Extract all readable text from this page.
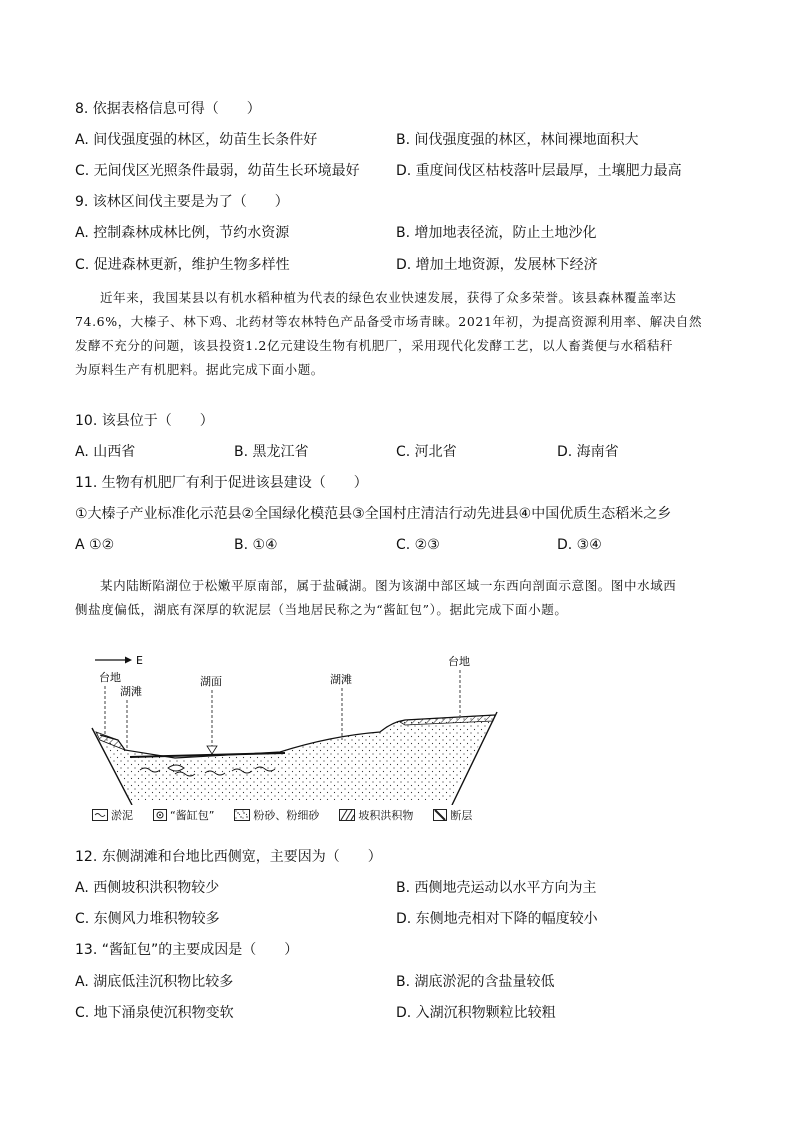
8. 依据表格信息可得（　　）
A. 间伐强度强的林区，幼苗生长条件好	B. 间伐强度强的林区，林间裸地面积大
C. 无间伐区光照条件最弱，幼苗生长环境最好	D. 重度间伐区枯枝落叶层最厚，土壤肥力最高
9. 该林区间伐主要是为了（　　）
A. 控制森林成林比例，节约水资源	B. 增加地表径流，防止土地沙化
C. 促进森林更新，维护生物多样性	D. 增加土地资源，发展林下经济

近年来，我国某县以有机水稻种植为代表的绿色农业快速发展，获得了众多荣誉。该县森林覆盖率达

74.6%，大榛子、林下鸡、北药材等农林特色产品备受市场青睐。2021年初，为提高资源利用率、解决自然

发酵不充分的问题，该县投资1.2亿元建设生物有机肥厂，采用现代化发酵工艺，以人畜粪便与水稻秸秆

为原料生产有机肥料。据此完成下面小题。

10. 该县位于（　　）
A. 山西省	B. 黑龙江省	C. 河北省	D. 海南省
11. 生物有机肥厂有利于促进该县建设（　　）
①大榛子产业标准化示范县②全国绿化模范县③全国村庄清洁行动先进县④中国优质生态稻米之乡
A ①②	B. ①④	C. ②③	D. ③④

某内陆断陷湖位于松嫩平原南部，属于盐碱湖。图为该湖中部区域一东西向剖面示意图。图中水域西

侧盐度偏低，湖底有深厚的软泥层（当地居民称之为“酱缸包”）。据此完成下面小题。

E
台地
湖滩
湖面	湖滩
台地
淤泥	“酱缸包”	粉砂、粉细砂	坡积洪积物	断层
12. 东侧湖滩和台地比西侧宽，主要因为（　　）
A. 西侧坡积洪积物较少	B. 西侧地壳运动以水平方向为主
C. 东侧风力堆积物较多	D. 东侧地壳相对下降的幅度较小
13. “酱缸包”的主要成因是（　　）
A. 湖底低洼沉积物比较多	B. 湖底淤泥的含盐量较低
C. 地下涌泉使沉积物变软	D. 入湖沉积物颗粒比较粗
